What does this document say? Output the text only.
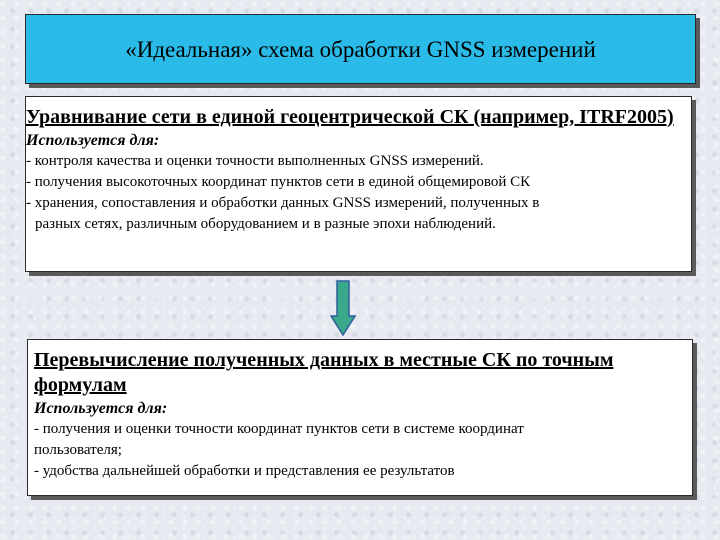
«Идеальная» схема обработки GNSS измерений

Уравнивание сети в единой геоцентрической СК (например, ITRF2005)

Используется для:

- контроля качества и оценки точности выполненных GNSS измерений.

- получения высокоточных координат пунктов сети в единой общемировой СК

- хранения, сопоставления и обработки данных GNSS измерений, полученных в

разных сетях, различным оборудованием и в разные эпохи наблюдений.

Перевычисление полученных данных в местные СК по точным формулам

Используется для:

- получения и оценки точности координат пунктов сети в системе координат

пользователя;

- удобства дальнейшей обработки и представления ее результатов
